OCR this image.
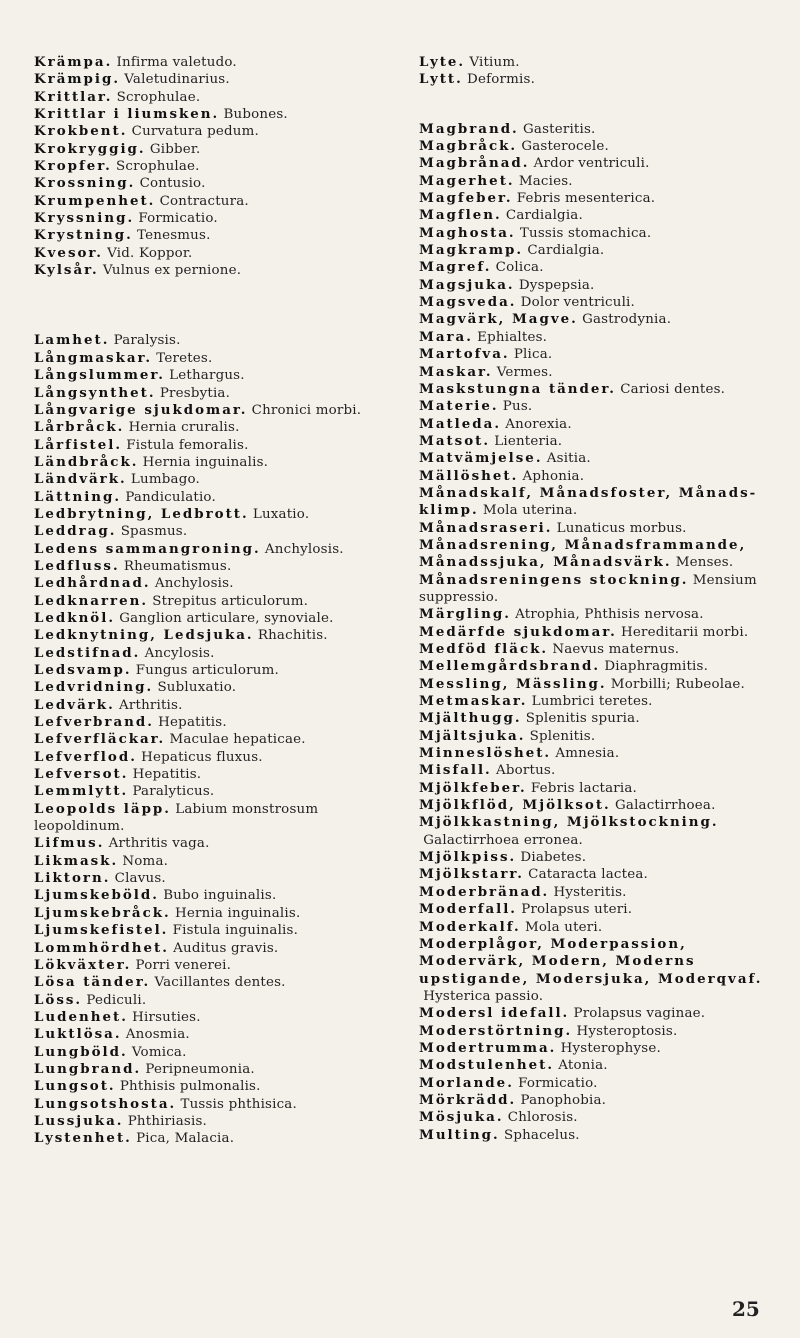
Krämpa. Infirma valetudo.
Krämpig. Valetudinarius.
Krittlar. Scrophulae.
Krittlar i liumsken. Bubones.
Krokbent. Curvatura pedum.
Krokryggig. Gibber.
Kropfer. Scrophulae.
Krossning. Contusio.
Krumpenhet. Contractura.
Kryssning. Formicatio.
Krystning. Tenesmus.
Kvesor. Vid. Koppor.
Kylsår. Vulnus ex pernione.
Lamhet. Paralysis.
Långmaskar. Teretes.
Långslummer. Lethargus.
Långsynthet. Presbytia.
Långvarige sjukdomar. Chronici morbi.
Lårbråck. Hernia cruralis.
Lårfistel. Fistula femoralis.
Ländbråck. Hernia inguinalis.
Ländvärk. Lumbago.
Lättning. Pandiculatio.
Ledbrytning, Ledbrott. Luxatio.
Leddrag. Spasmus.
Ledens sammangroning. Anchylosis.
Ledfluss. Rheumatismus.
Ledhårdnad. Anchylosis.
Ledknarren. Strepitus articulorum.
Ledknöl. Ganglion articulare, synoviale.
Ledknytning, Ledsjuka. Rhachitis.
Ledstifnad. Ancylosis.
Ledsvamp. Fungus articulorum.
Ledvridning. Subluxatio.
Ledvärk. Arthritis.
Lefverbrand. Hepatitis.
Lefverfläckar. Maculae hepaticae.
Lefverflod. Hepaticus fluxus.
Lefversot. Hepatitis.
Lemmlytt. Paralyticus.
Leopolds läpp. Labium monstrosum leopoldinum.
Lifmus. Arthritis vaga.
Likmask. Noma.
Liktorn. Clavus.
Ljumskeböld. Bubo inguinalis.
Ljumskebråck. Hernia inguinalis.
Ljumskefistel. Fistula inguinalis.
Lommhördhet. Auditus gravis.
Lökväxter. Porri venerei.
Lösa tänder. Vacillantes dentes.
Löss. Pediculi.
Ludenhet. Hirsuties.
Luktlösa. Anosmia.
Lungböld. Vomica.
Lungbrand. Peripneumonia.
Lungsot. Phthisis pulmonalis.
Lungsotshosta. Tussis phthisica.
Lussjuka. Phthiriasis.
Lystenhet. Pica, Malacia.
Lyte. Vitium.
Lytt. Deformis.
Magbrand. Gasteritis.
Magbråck. Gasterocele.
Magbrånad. Ardor ventriculi.
Magerhet. Macies.
Magfeber. Febris mesenterica.
Magflen. Cardialgia.
Maghosta. Tussis stomachica.
Magkramp. Cardialgia.
Magref. Colica.
Magsjuka. Dyspepsia.
Magsveda. Dolor ventriculi.
Magvärk, Magve. Gastrodynia.
Mara. Ephialtes.
Martofva. Plica.
Maskar. Vermes.
Maskstungna tänder. Cariosi dentes.
Materie. Pus.
Matleda. Anorexia.
Matsot. Lienteria.
Matvämjelse. Asitia.
Mällöshet. Aphonia.
Månadskalf, Månadsfoster, Månads-klimp. Mola uterina.
Månadsraseri. Lunaticus morbus.
Månadsrening, Månadsframmande, Månadssjuka, Månadsvärk. Menses.
Månadsreningens stockning. Mensium suppressio.
Märgling. Atrophia, Phthisis nervosa.
Medärfde sjukdomar. Hereditarii morbi.
Medföd fläck. Naevus maternus.
Mellemgårdsbrand. Diaphragmitis.
Messling, Mässling. Morbilli; Rubeolae.
Metmaskar. Lumbrici teretes.
Mjälthugg. Splenitis spuria.
Mjältsjuka. Splenitis.
Minneslöshet. Amnesia.
Misfall. Abortus.
Mjölkfeber. Febris lactaria.
Mjölkflöd, Mjölksot. Galactirrhoea.
Mjölkkastning, Mjölkstockning. Galactirrhoea erronea.
Mjölkpiss. Diabetes.
Mjölkstarr. Cataracta lactea.
Moderbränad. Hysteritis.
Moderfall. Prolapsus uteri.
Moderkalf. Mola uteri.
Moderplågor, Moderpassion, Modervärk, Modern, Moderns upstigande, Modersjuka, Moderqvaf. Hysterica passio.
Modersl idefall. Prolapsus vaginae.
Moderstörtning. Hysteroptosis.
Modertrumma. Hysterophyse.
Modstulenhet. Atonia.
Morlande. Formicatio.
Mörkrädd. Panophobia.
Mösjuka. Chlorosis.
Multing. Sphacelus.
25
